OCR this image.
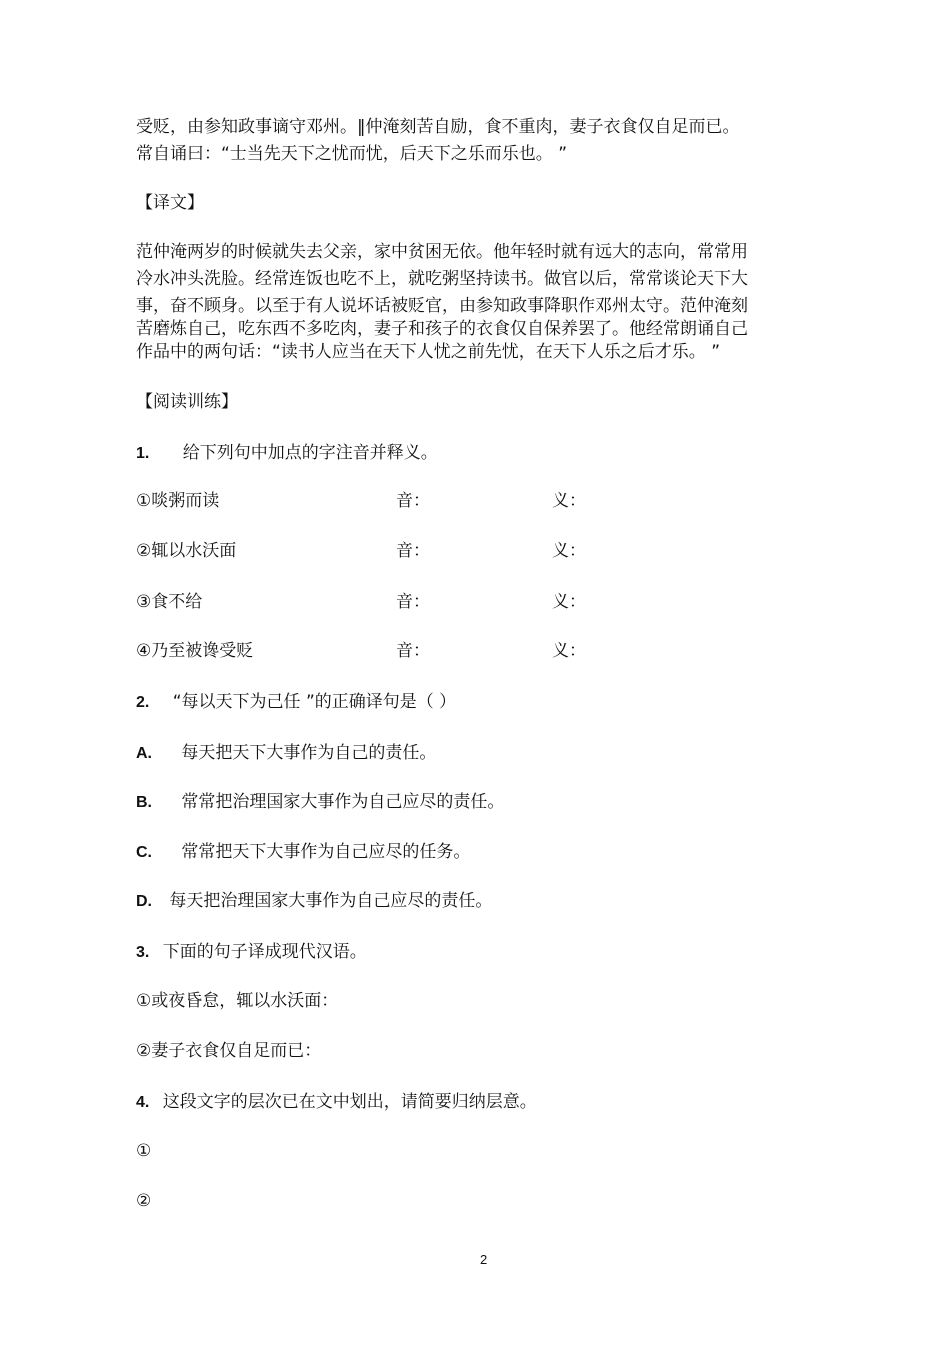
受贬，由参知政事谪守邓州。‖仲淹刻苦自励，食不重肉，妻子衣食仅自足而已。
常自诵曰：“士当先天下之忧而忧，后天下之乐而乐也。 ”
【译文】
范仲淹两岁的时候就失去父亲，家中贫困无依。他年轻时就有远大的志向，常常用
冷水冲头洗脸。经常连饭也吃不上，就吃粥坚持读书。做官以后，常常谈论天下大
事，奋不顾身。以至于有人说坏话被贬官，由参知政事降职作邓州太守。范仲淹刻
苦磨炼自己，吃东西不多吃肉，妻子和孩子的衣食仅自保养罢了。他经常朗诵自己
作品中的两句话：“读书人应当在天下人忧之前先忧，在天下人乐之后才乐。 ”
【阅读训练】
1. 给下列句中加点的字注音并释义。
①啖粥而读	音：	义：
②辄以水沃面	音：	义：
③食不给	音：	义：
④乃至被谗受贬	音：	义：
2. “每以天下为己任 ”的正确译句是（ ）
A. 每天把天下大事作为自己的责任。
B. 常常把治理国家大事作为自己应尽的责任。
C. 常常把天下大事作为自己应尽的任务。
D. 每天把治理国家大事作为自己应尽的责任。
3. 下面的句子译成现代汉语。
①或夜昏怠，辄以水沃面：
②妻子衣食仅自足而已：
4. 这段文字的层次已在文中划出，请简要归纳层意。
①
②
2
